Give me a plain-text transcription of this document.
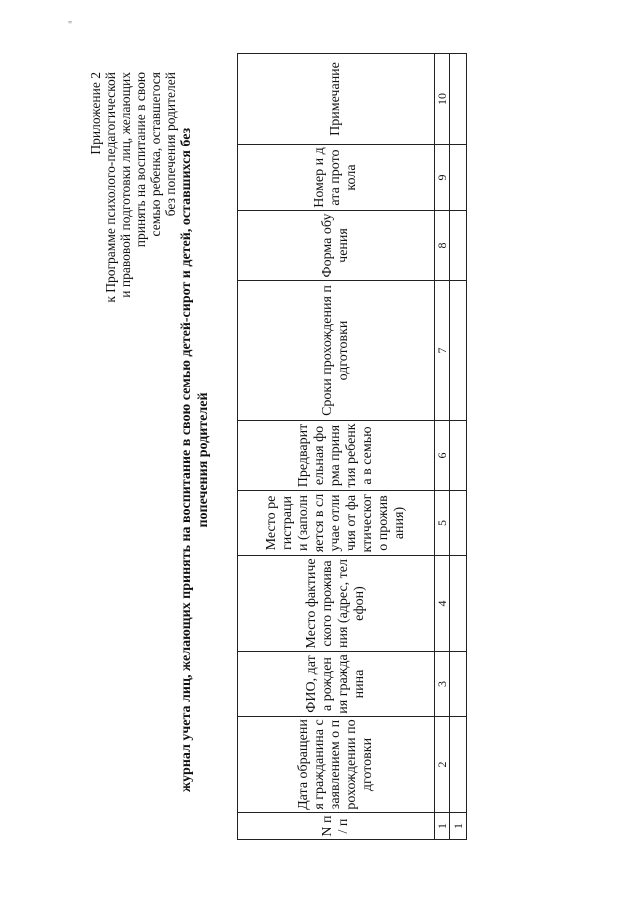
"
Приложение 2 к Программе психолого-педагогической и правовой подготовки лиц, желающих принять на воспитание в свою семью ребенка, оставшегося без попечения родителей журнал учета лиц, желающих принять на воспитание в свою семью детей-сирот и детей, оставшихся без попечения родителей
N п / п	Дата обращения гражданина с заявлением о прохождении подготовки	ФИО, дата рождения гражданина	Место фактического проживания (адрес, телефон)	Место регистрации (заполняется в случае отличия от фактического проживания)	Предварительная форма принятия ребенка в семью	Сроки прохождения подготовки	Форма обучения	Номер и дата протокола	Примечание
1	2	3	4	5	6	7	8	9	10
1									
